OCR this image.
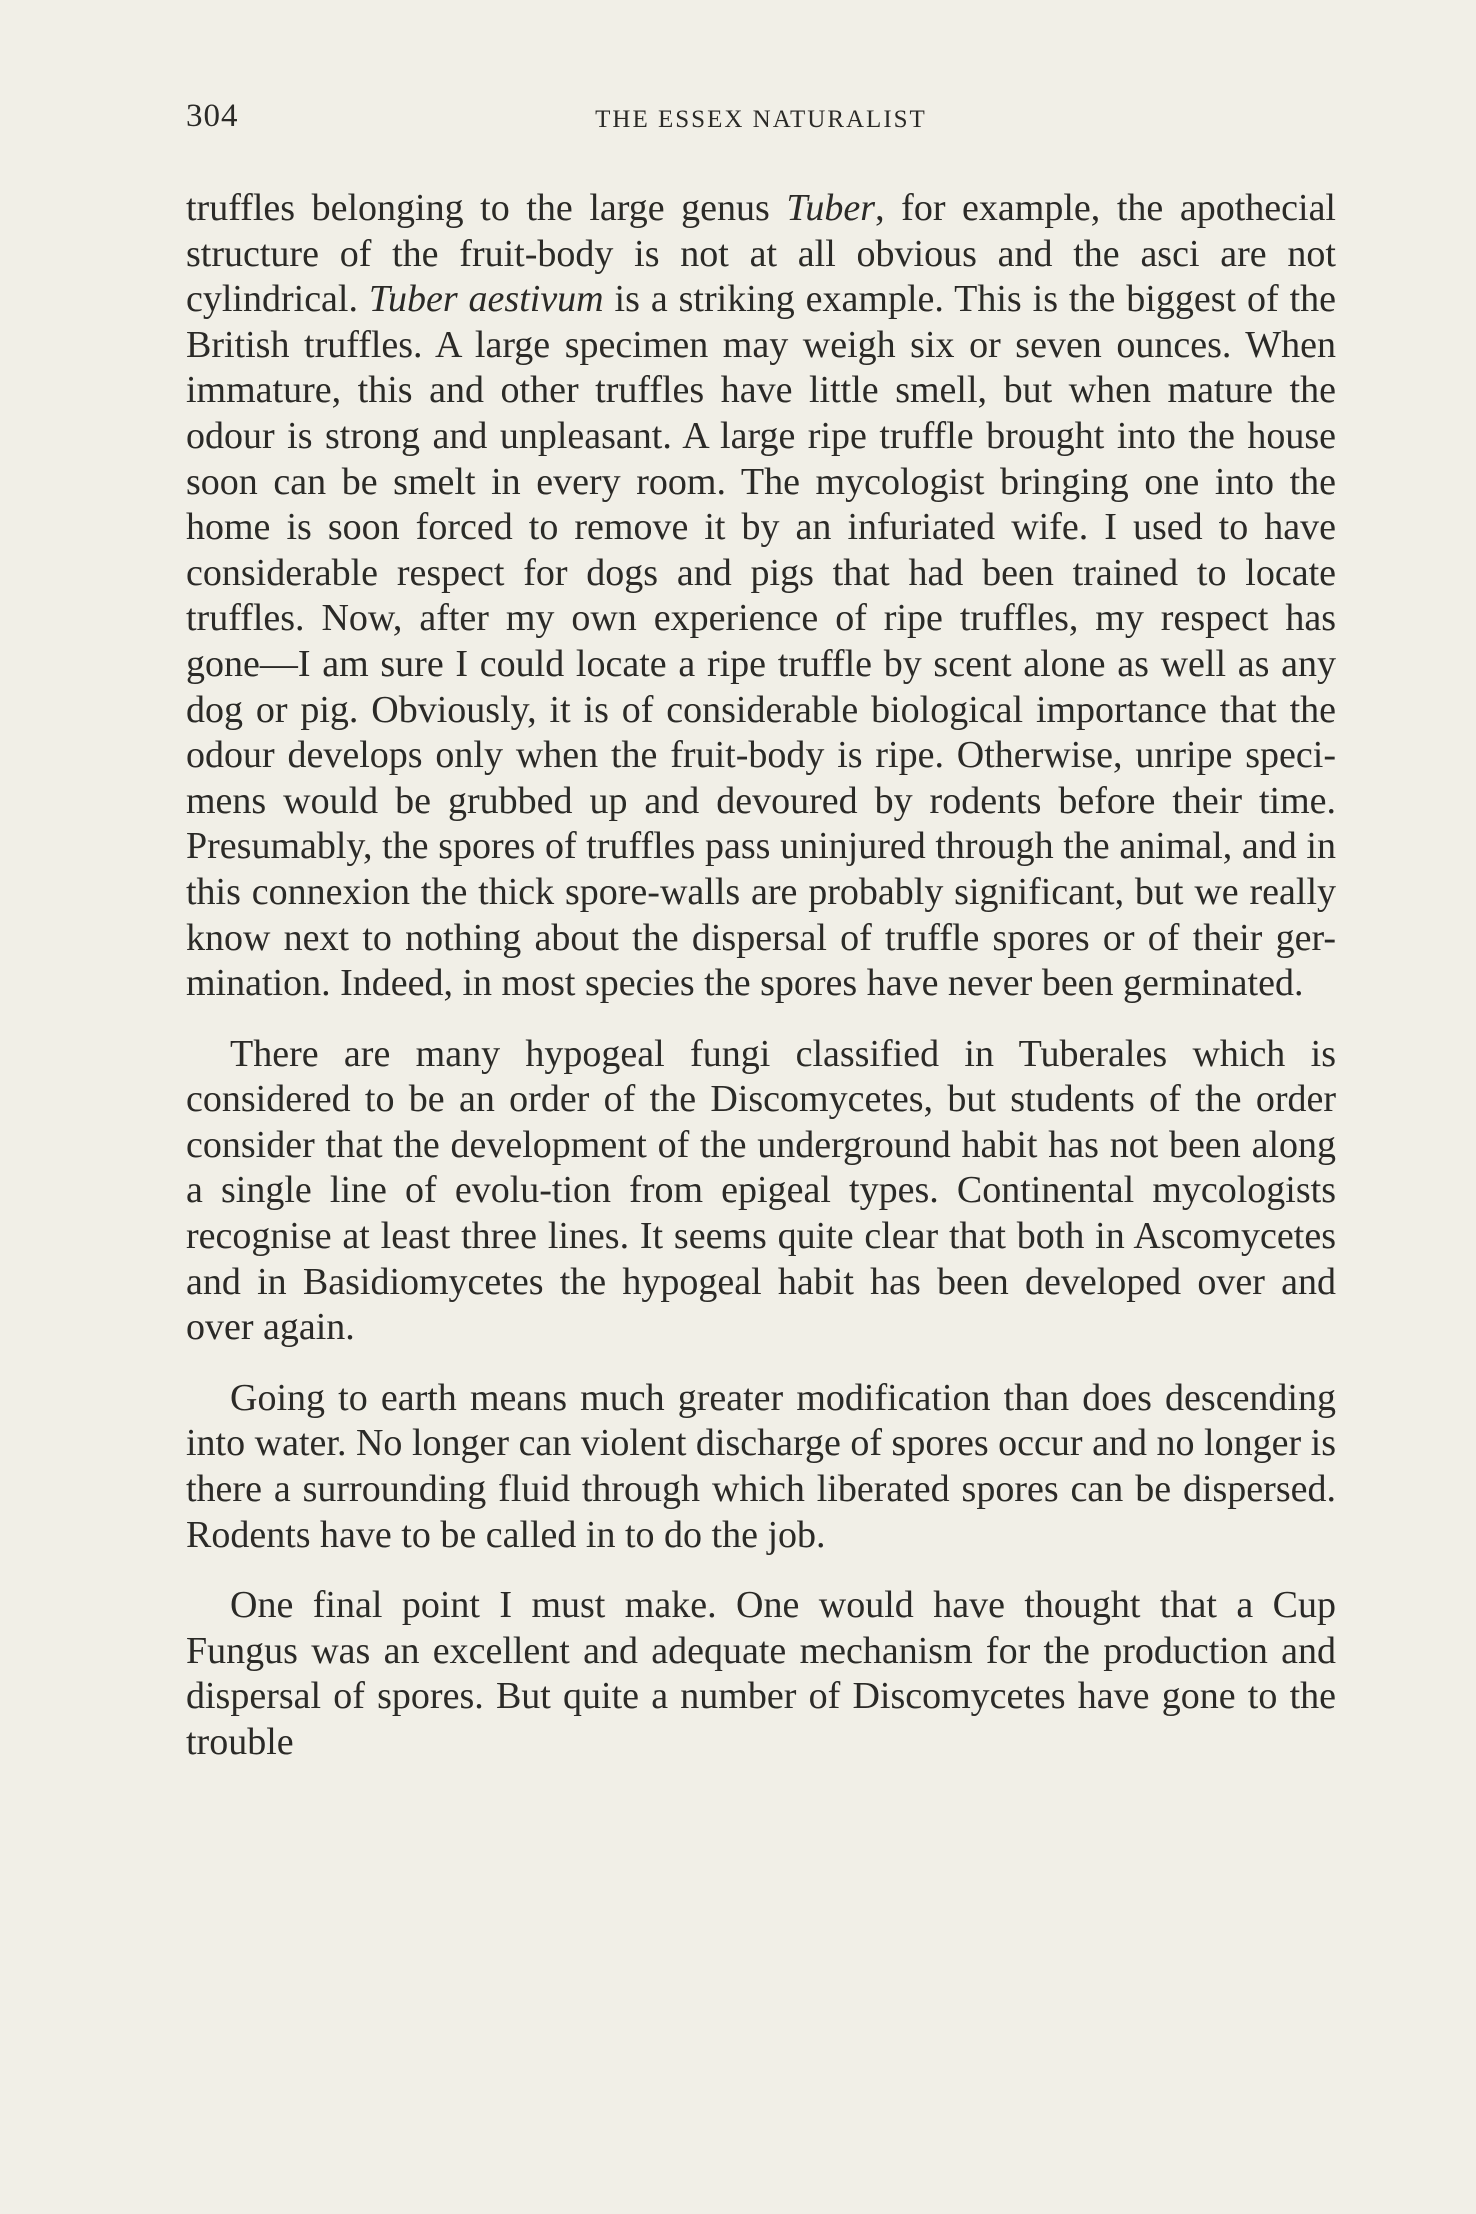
304	THE ESSEX NATURALIST

truffles belonging to the large genus Tuber, for example, the apothecial structure of the fruit-body is not at all obvious and the asci are not cylindrical. Tuber aestivum is a striking example. This is the biggest of the British truffles. A large specimen may weigh six or seven ounces. When immature, this and other truffles have little smell, but when mature the odour is strong and unpleasant. A large ripe truffle brought into the house soon can be smelt in every room. The mycologist bringing one into the home is soon forced to remove it by an infuriated wife. I used to have considerable respect for dogs and pigs that had been trained to locate truffles. Now, after my own experience of ripe truffles, my respect has gone—I am sure I could locate a ripe truffle by scent alone as well as any dog or pig. Obviously, it is of considerable biological importance that the odour develops only when the fruit-body is ripe. Otherwise, unripe speci-mens would be grubbed up and devoured by rodents before their time. Presumably, the spores of truffles pass uninjured through the animal, and in this connexion the thick spore-walls are probably significant, but we really know next to nothing about the dispersal of truffle spores or of their ger-mination. Indeed, in most species the spores have never been germinated.

There are many hypogeal fungi classified in Tuberales which is considered to be an order of the Discomycetes, but students of the order consider that the development of the underground habit has not been along a single line of evolu-tion from epigeal types. Continental mycologists recognise at least three lines. It seems quite clear that both in Ascomycetes and in Basidiomycetes the hypogeal habit has been developed over and over again.

Going to earth means much greater modification than does descending into water. No longer can violent discharge of spores occur and no longer is there a surrounding fluid through which liberated spores can be dispersed. Rodents have to be called in to do the job.

One final point I must make. One would have thought that a Cup Fungus was an excellent and adequate mechanism for the production and dispersal of spores. But quite a number of Discomycetes have gone to the trouble
